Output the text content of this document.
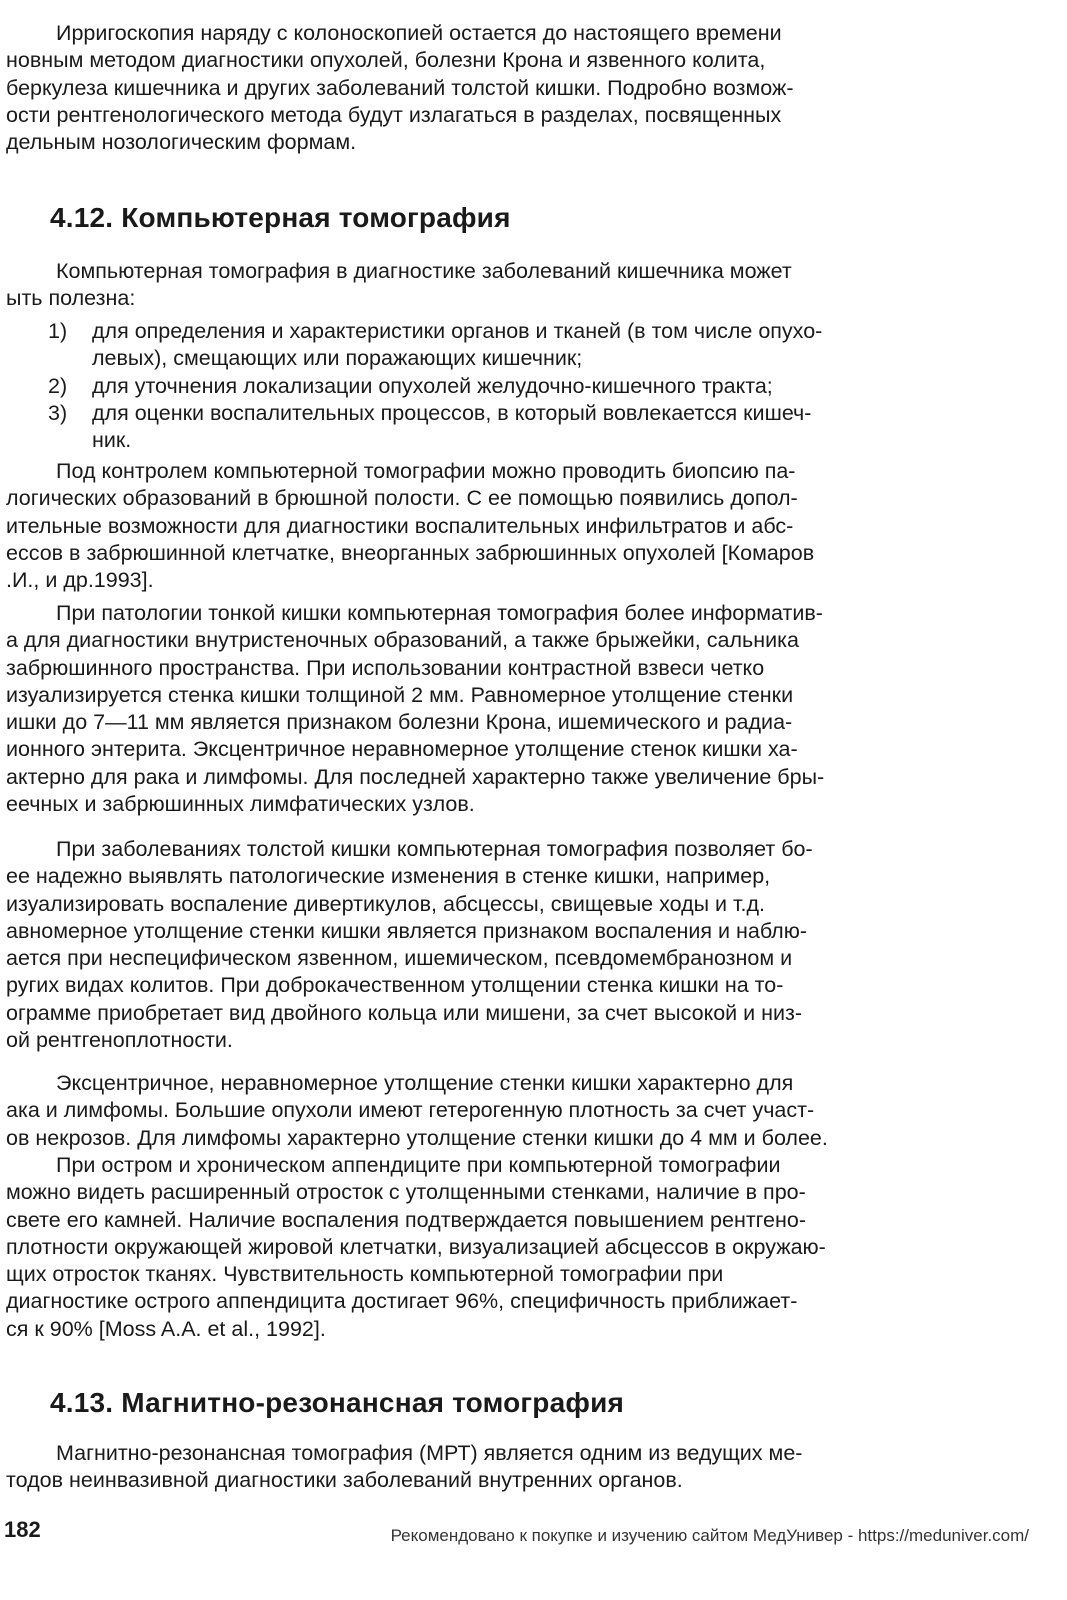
Ирригоскопия наряду с колоноскопией остается до настоящего времени
новным методом диагностики опухолей, болезни Крона и язвенного колита,
беркулеза кишечника и других заболеваний толстой кишки. Подробно возмож-
ости рентгенологического метода будут излагаться в разделах, посвященных
дельным нозологическим формам.
4.12. Компьютерная томография
Компьютерная томография в диагностике заболеваний кишечника может
ыть полезна:
1) для определения и характеристики органов и тканей (в том числе опухо-
левых), смещающих или поражающих кишечник;
2) для уточнения локализации опухолей желудочно-кишечного тракта;
3) для оценки воспалительных процессов, в который вовлекаетсся кишеч-
ник.
Под контролем компьютерной томографии можно проводить биопсию па-
логических образований в брюшной полости. С ее помощью появились допол-
ительные возможности для диагностики воспалительных инфильтратов и абс-
ессов в забрюшинной клетчатке, внеорганных забрюшинных опухолей [Комаров
.И., и др.1993].
При патологии тонкой кишки компьютерная томография более информатив-
а для диагностики внутристеночных образований, а также брыжейки, сальника
забрюшинного пространства. При использовании контрастной взвеси четко
изуализируется стенка кишки толщиной 2 мм. Равномерное утолщение стенки
ишки до 7—11 мм является признаком болезни Крона, ишемического и радиа-
ионного энтерита. Эксцентричное неравномерное утолщение стенок кишки ха-
актерно для рака и лимфомы. Для последней характерно также увеличение бры-
еечных и забрюшинных лимфатических узлов.
При заболеваниях толстой кишки компьютерная томография позволяет бо-
ее надежно выявлять патологические изменения в стенке кишки, например,
изуализировать воспаление дивертикулов, абсцессы, свищевые ходы и т.д.
авномерное утолщение стенки кишки является признаком воспаления и наблю-
ается при неспецифическом язвенном, ишемическом, псевдомембранозном и
ругих видах колитов. При доброкачественном утолщении стенка кишки на то-
ограмме приобретает вид двойного кольца или мишени, за счет высокой и низ-
ой рентгеноплотности.
Эксцентричное, неравномерное утолщение стенки кишки характерно для
ака и лимфомы. Большие опухоли имеют гетерогенную плотность за счет участ-
ов некрозов. Для лимфомы характерно утолщение стенки кишки до 4 мм и более.
При остром и хроническом аппендиците при компьютерной томографии
можно видеть расширенный отросток с утолщенными стенками, наличие в про-
свете его камней. Наличие воспаления подтверждается повышением рентгено-
плотности окружающей жировой клетчатки, визуализацией абсцессов в окружаю-
щих отросток тканях. Чувствительность компьютерной томографии при
диагностике острого аппендицита достигает 96%, специфичность приближает-
ся к 90% [Moss A.A. et al., 1992].
4.13. Магнитно-резонансная томография
Магнитно-резонансная томография (МРТ) является одним из ведущих ме-
тодов неинвазивной диагностики заболеваний внутренних органов.
182	Рекомендовано к покупке и изучению сайтом МедУнивер - https://meduniver.com/
